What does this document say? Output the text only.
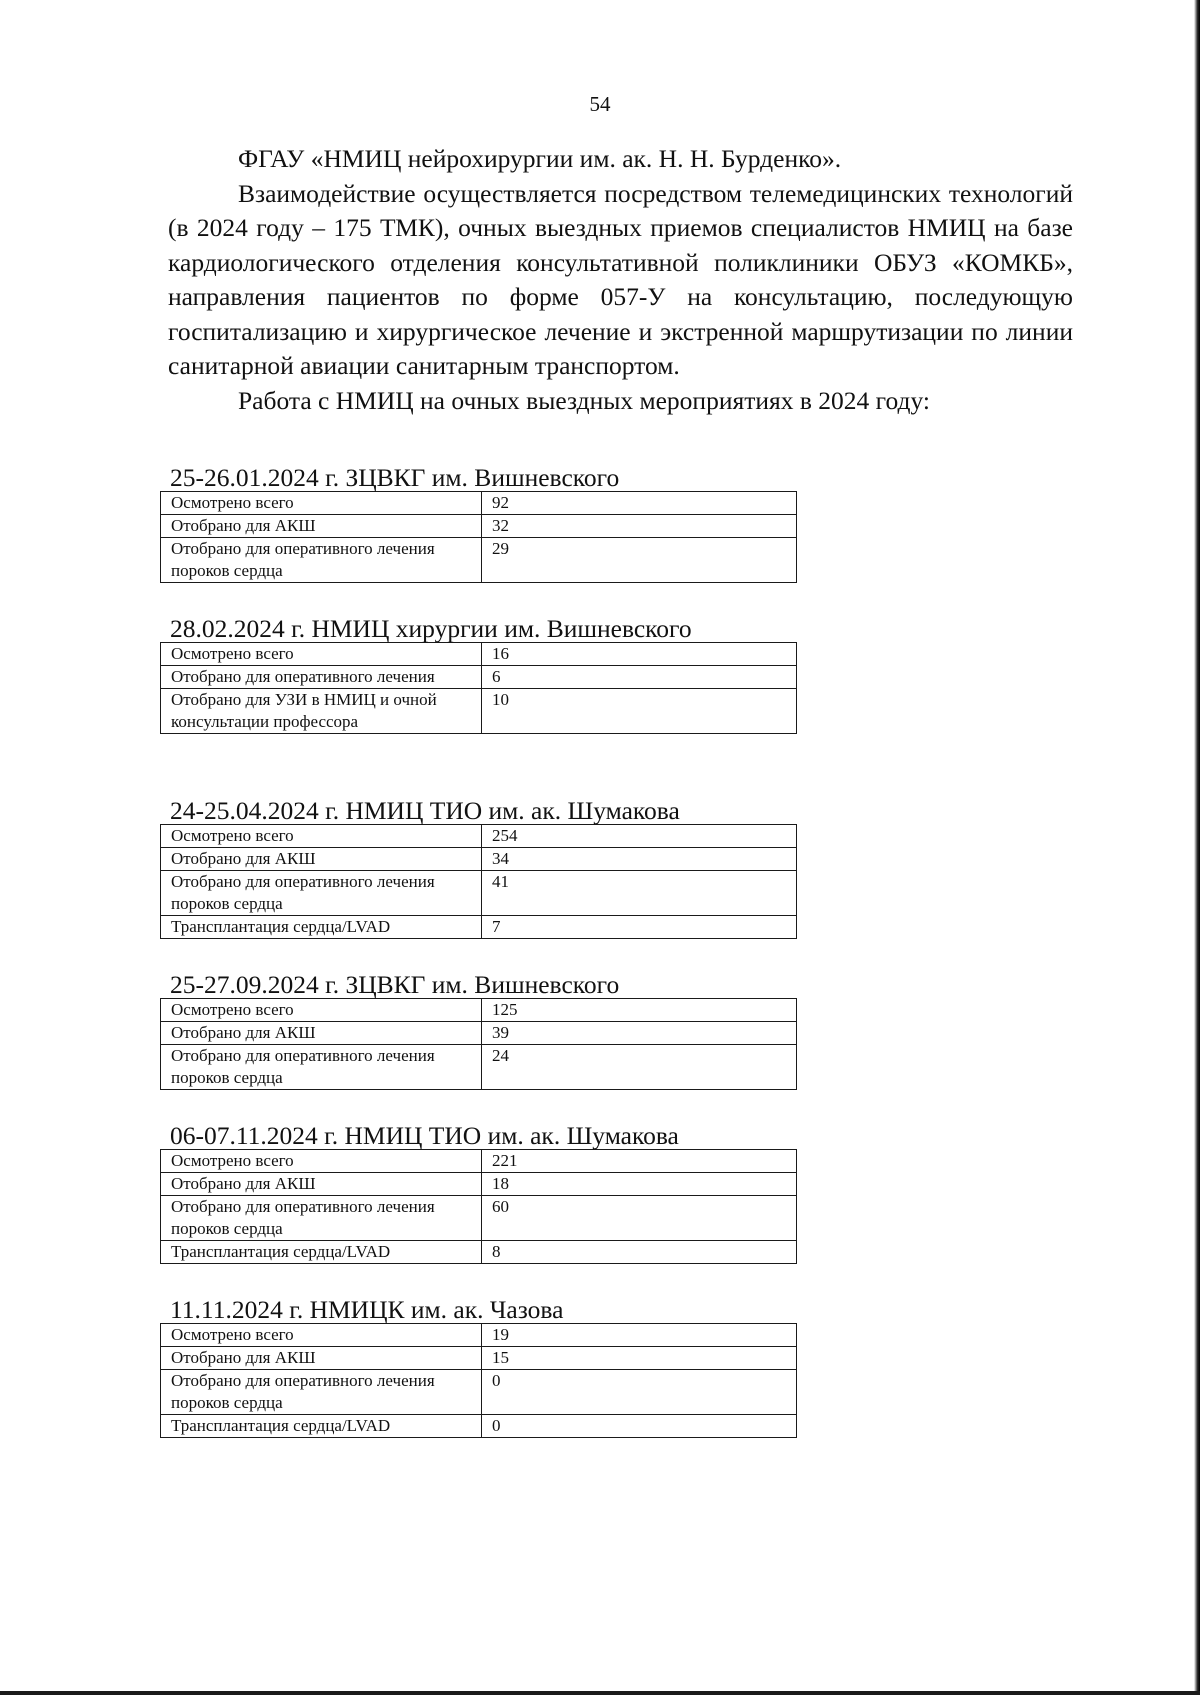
54

ФГАУ «НМИЦ нейрохирургии им. ак. Н. Н. Бурденко».

Взаимодействие осуществляется посредством телемедицинских технологий (в 2024 году – 175 ТМК), очных выездных приемов специалистов НМИЦ на базе кардиологического отделения консультативной поликлиники ОБУЗ «КОМКБ», направления пациентов по форме 057-У на консультацию, последующую госпитализацию и хирургическое лечение и экстренной маршрутизации по линии санитарной авиации санитарным транспортом.

Работа с НМИЦ на очных выездных мероприятиях в 2024 году:

25-26.01.2024 г. ЗЦВКГ им. Вишневского
Осмотрено всего	92
Отобрано для АКШ	32
Отобрано для оперативного лечения пороков сердца	29
28.02.2024 г. НМИЦ хирургии им. Вишневского
Осмотрено всего	16
Отобрано для оперативного лечения	6
Отобрано для УЗИ в НМИЦ и очной консультации профессора	10
24-25.04.2024 г. НМИЦ ТИО им. ак. Шумакова
Осмотрено всего	254
Отобрано для АКШ	34
Отобрано для оперативного лечения пороков сердца	41
Трансплантация сердца/LVAD	7
25-27.09.2024 г. ЗЦВКГ им. Вишневского
Осмотрено всего	125
Отобрано для АКШ	39
Отобрано для оперативного лечения пороков сердца	24
06-07.11.2024 г. НМИЦ ТИО им. ак. Шумакова
Осмотрено всего	221
Отобрано для АКШ	18
Отобрано для оперативного лечения пороков сердца	60
Трансплантация сердца/LVAD	8
11.11.2024 г. НМИЦК им. ак. Чазова
Осмотрено всего	19
Отобрано для АКШ	15
Отобрано для оперативного лечения пороков сердца	0
Трансплантация сердца/LVAD	0
